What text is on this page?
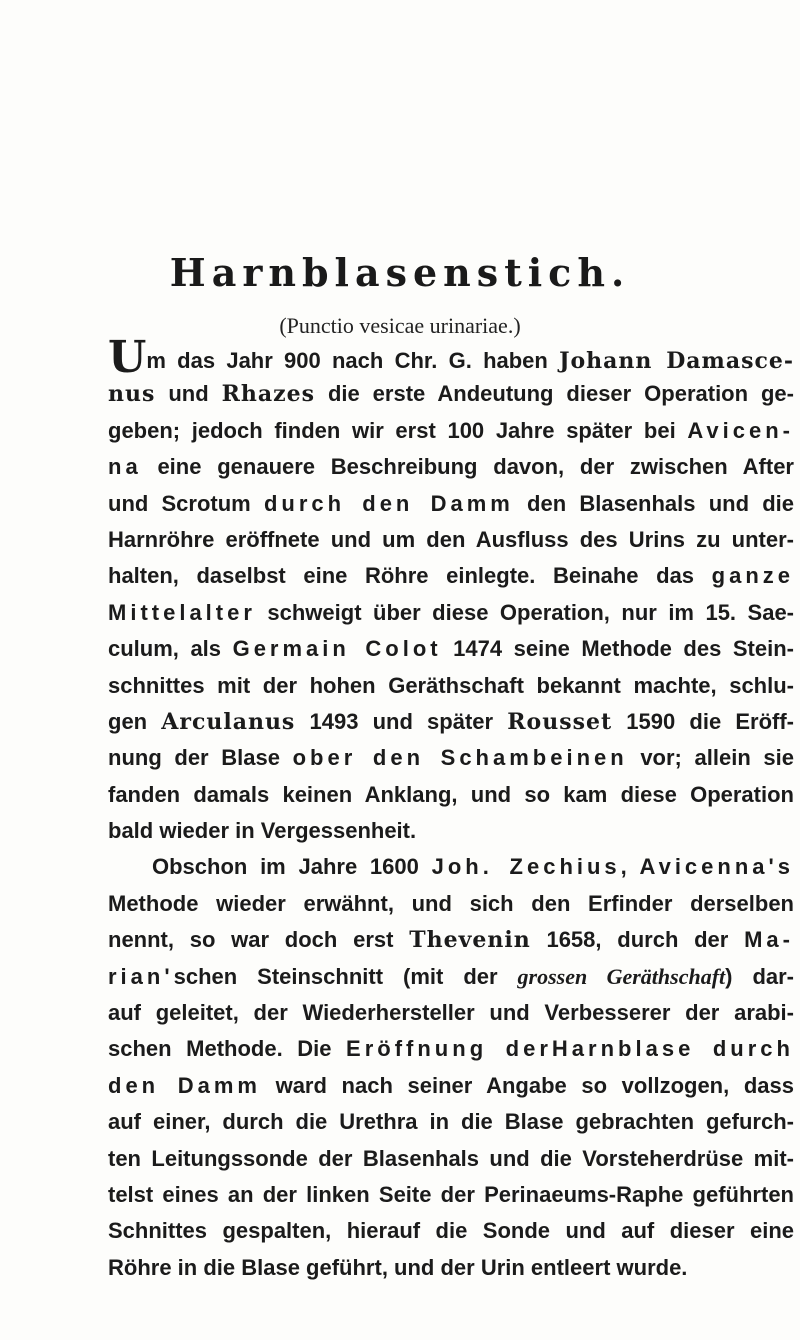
Harnblasenstich.
(Punctio vesicae urinariae.)
Um das Jahr 900 nach Chr. G. haben Johann Damasce-
nus und Rhazes die erste Andeutung dieser Operation ge-
geben; jedoch finden wir erst 100 Jahre später bei Avicen-
na eine genauere Beschreibung davon, der zwischen After
und Scrotum durch den Damm den Blasenhals und die
Harnröhre eröffnete und um den Ausfluss des Urins zu unter-
halten, daselbst eine Röhre einlegte. Beinahe das ganze
Mittelalter schweigt über diese Operation, nur im 15. Sae-
culum, als Germain Colot 1474 seine Methode des Stein-
schnittes mit der hohen Geräthschaft bekannt machte, schlu-
gen Arculanus 1493 und später Rousset 1590 die Eröff-
nung der Blase ober den Schambeinen vor; allein sie
fanden damals keinen Anklang, und so kam diese Operation
bald wieder in Vergessenheit.
Obschon im Jahre 1600 Joh. Zechius, Avicenna's
Methode wieder erwähnt, und sich den Erfinder derselben
nennt, so war doch erst Thevenin 1658, durch der Ma-
rian'schen Steinschnitt (mit der grossen Geräthschaft) dar-
auf geleitet, der Wiederhersteller und Verbesserer der arabi-
schen Methode. Die Eröffnung derHarnblase durch
den Damm ward nach seiner Angabe so vollzogen, dass
auf einer, durch die Urethra in die Blase gebrachten gefurch-
ten Leitungssonde der Blasenhals und die Vorsteherdrüse mit-
telst eines an der linken Seite der Perinaeums-Raphe geführten
Schnittes gespalten, hierauf die Sonde und auf dieser eine
Röhre in die Blase geführt, und der Urin entleert wurde.
